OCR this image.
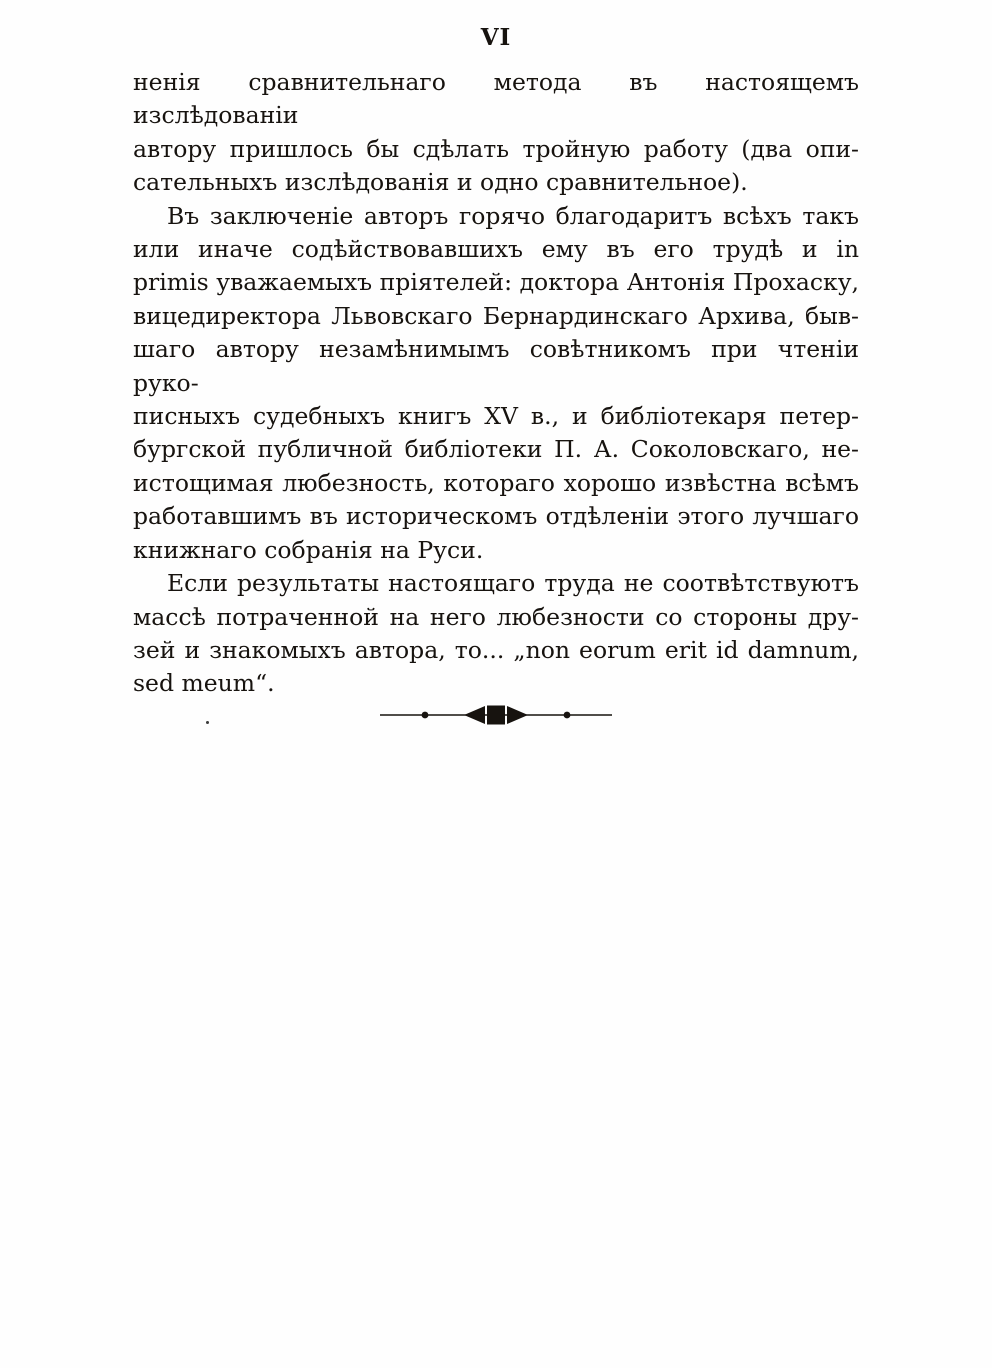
VI
ненія сравнительнаго метода въ настоящемъ изслѣдованіи
автору пришлось бы сдѣлать тройную работу (два опи-
сательныхъ изслѣдованія и одно сравнительное).
Въ заключеніе авторъ горячо благодаритъ всѣхъ такъ
или иначе содѣйствовавшихъ ему въ его трудѣ и in
primis уважаемыхъ пріятелей: доктора Антонія Прохаску,
вицедиректора Львовскаго Бернардинскаго Архива, быв-
шаго автору незамѣнимымъ совѣтникомъ при чтеніи руко-
писныхъ судебныхъ книгъ XV в., и библіотекаря петер-
бургской публичной библіотеки П. А. Соколовскаго, не-
истощимая любезность, котораго хорошо извѣстна всѣмъ
работавшимъ въ историческомъ отдѣленіи этого лучшаго
книжнаго собранія на Руси.
Если результаты настоящаго труда не соотвѣтствуютъ
массѣ потраченной на него любезности со стороны дру-
зей и знакомыхъ автора, то... „non eorum erit id damnum,
sed meum“.
